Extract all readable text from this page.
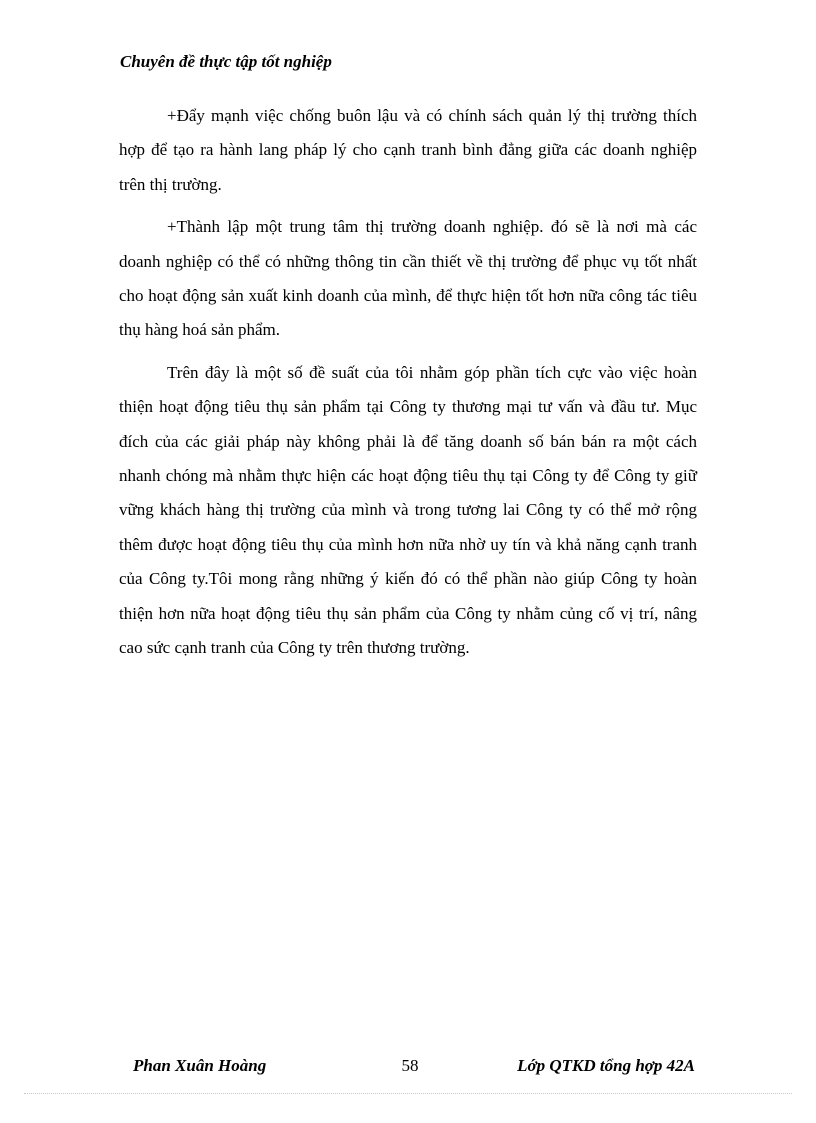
Chuyên đề thực tập tốt nghiệp

+Đẩy mạnh việc chống buôn lậu và có chính sách quản lý thị trường thích hợp để tạo ra hành lang pháp lý cho cạnh tranh bình đẳng giữa các doanh nghiệp trên thị trường.

+Thành lập một trung tâm thị trường doanh nghiệp. đó sẽ là nơi mà các doanh nghiệp có thể có những thông tin cần thiết về thị trường để phục vụ tốt nhất cho hoạt động sản xuất kinh doanh của mình, để thực hiện tốt hơn nữa công tác tiêu thụ hàng hoá sản phẩm.

Trên đây là một số đề suất của tôi nhằm góp phần tích cực vào việc hoàn thiện hoạt động tiêu thụ sản phẩm tại Công ty thương mại tư vấn và đầu tư. Mục đích của các giải pháp này không phải là để tăng doanh số bán bán ra một cách nhanh chóng mà nhằm thực hiện các hoạt động tiêu thụ tại Công ty để Công ty giữ vững khách hàng thị trường của mình và trong tương lai Công ty có thể mở rộng thêm được hoạt động tiêu thụ của mình hơn nữa nhờ uy tín và khả năng cạnh tranh của Công ty.Tôi mong rằng những ý kiến đó có thể phần nào giúp Công ty hoàn thiện hơn nữa hoạt động tiêu thụ sản phẩm của Công ty nhằm củng cố vị trí, nâng cao sức cạnh tranh của Công ty trên thương trường.

Phan Xuân Hoàng	58	Lớp QTKD tổng hợp 42A
